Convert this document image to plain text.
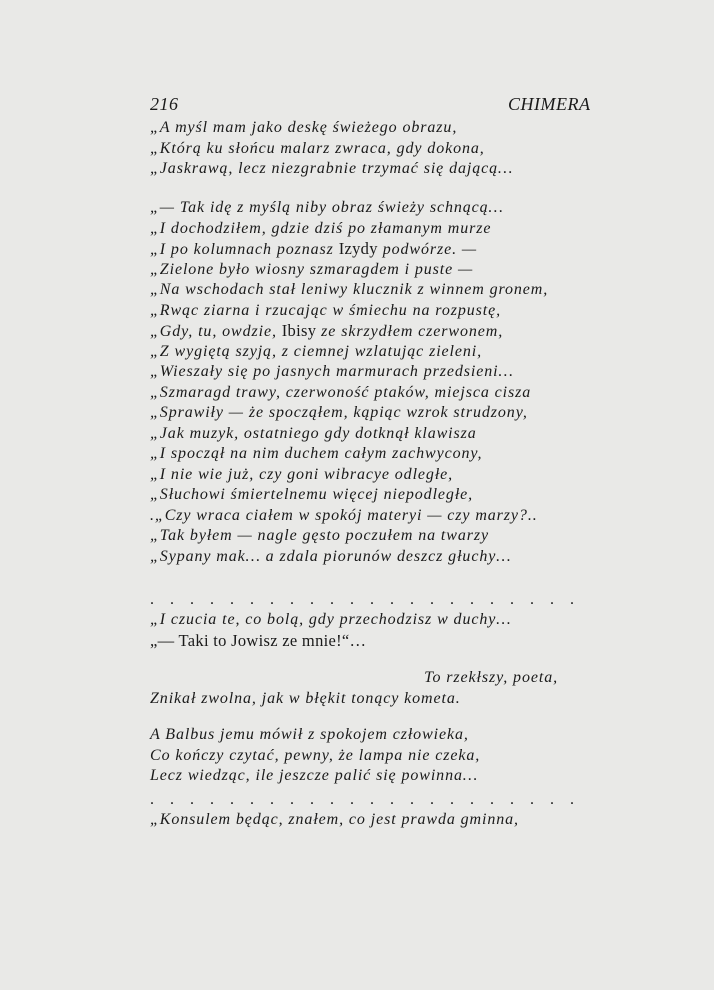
216	CHIMERA
„A myśl mam jako deskę świeżego obrazu,
„Którą ku słońcu malarz zwraca, gdy dokona,
„Jaskrawą, lecz niezgrabnie trzymać się dającą…
„— Tak idę z myślą niby obraz świeży schnącą…
„I dochodziłem, gdzie dziś po złamanym murze
„I po kolumnach poznasz Izydy podwórze. —
„Zielone było wiosny szmaragdem i puste —
„Na wschodach stał leniwy klucznik z winnem gronem,
„Rwąc ziarna i rzucając w śmiechu na rozpustę,
„Gdy, tu, owdzie, Ibisy ze skrzydłem czerwonem,
„Z wygiętą szyją, z ciemnej wzlatując zieleni,
„Wieszały się po jasnych marmurach przedsieni…
„Szmaragd trawy, czerwoność ptaków, miejsca cisza
„Sprawiły — że spocząłem, kąpiąc wzrok strudzony,
„Jak muzyk, ostatniego gdy dotknął klawisza
„I spoczął na nim duchem całym zachwycony,
„I nie wie już, czy goni wibracye odległe,
„Słuchowi śmiertelnemu więcej niepodległe,
.„Czy wraca ciałem w spokój materyi — czy marzy?..
„Tak byłem — nagle gęsto poczułem na twarzy
„Sypany mak… a zdala piorunów deszcz głuchy…
. . . . . . . . . . . . . . . . . . . . . .
„I czucia te, co bolą, gdy przechodzisz w duchy…
„— Taki to Jowisz ze mnie!“…
To rzekłszy, poeta,
Znikał zwolna, jak w błękit tonący kometa.
A Balbus jemu mówił z spokojem człowieka,
Co kończy czytać, pewny, że lampa nie czeka,
Lecz wiedząc, ile jeszcze palić się powinna…
. . . . . . . . . . . . . . . . . . . . . .
„Konsulem będąc, znałem, co jest prawda gminna,
